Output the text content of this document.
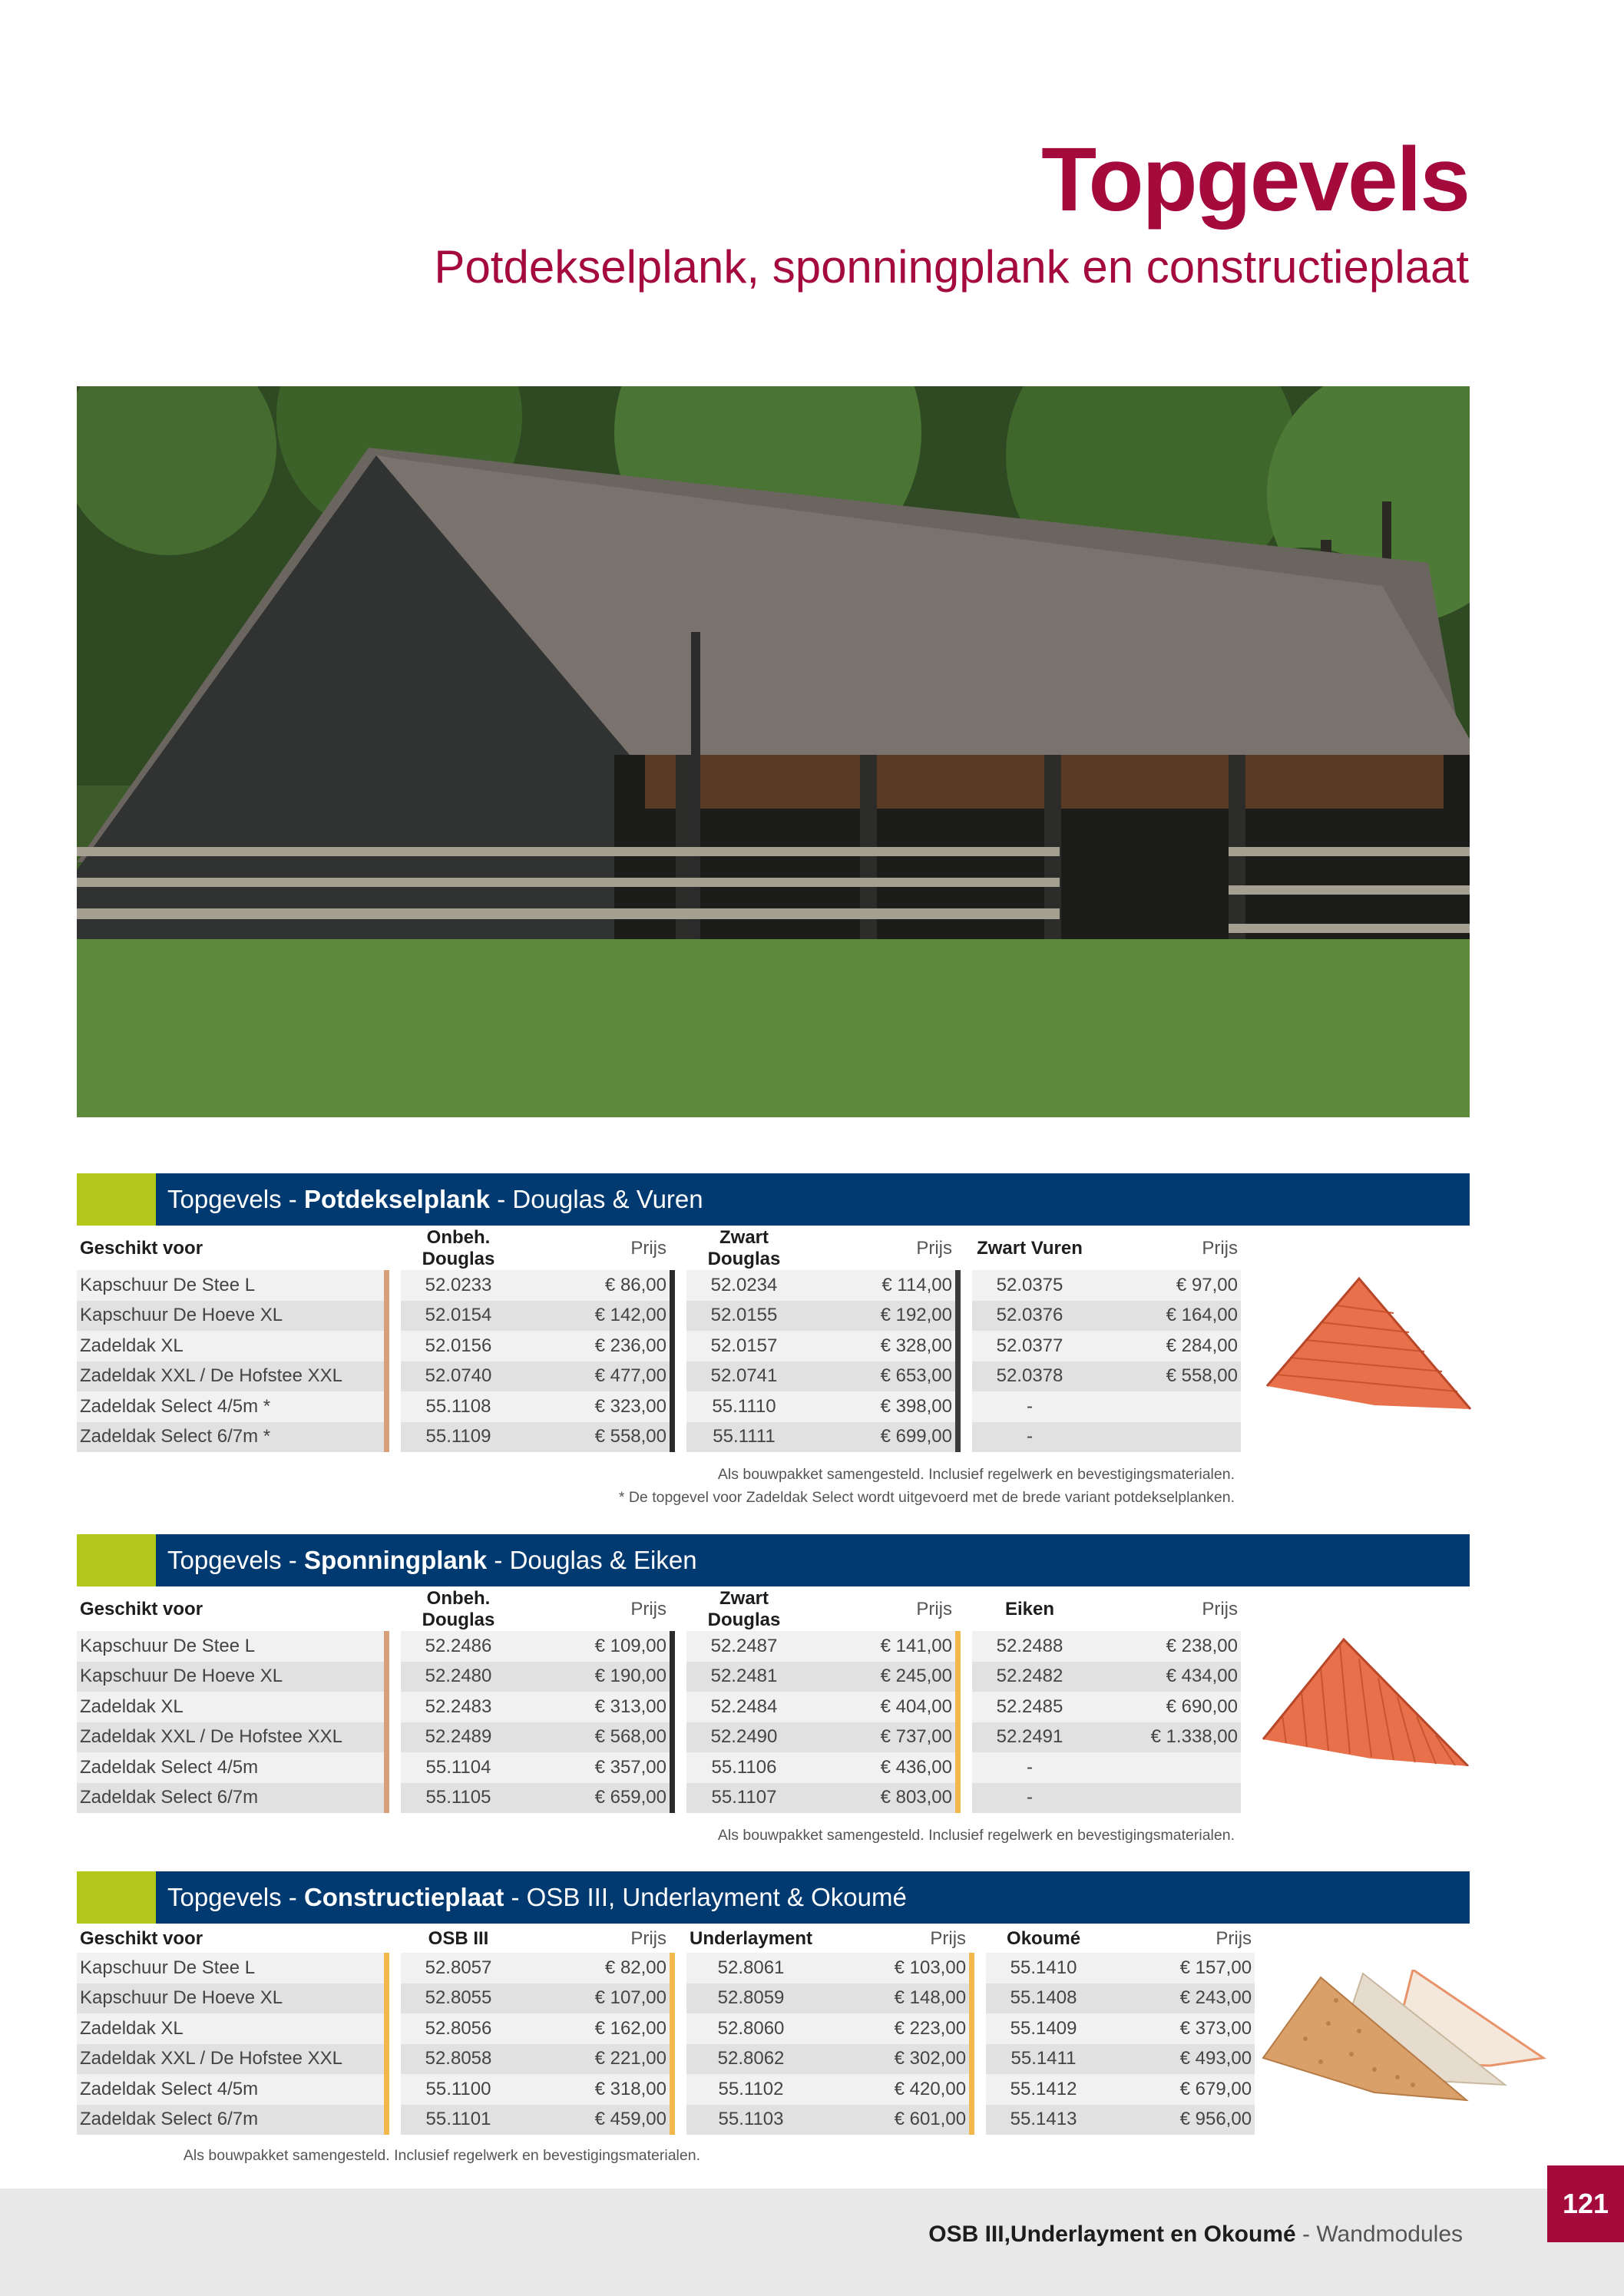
Topgevels
Potdekselplank, sponningplank en constructieplaat
Topgevels - Potdekselplank - Douglas & Vuren
Geschikt voor		Onbeh. Douglas	Prijs		Zwart Douglas	Prijs		Zwart Vuren	Prijs
Kapschuur De Stee L		52.0233	€ 86,00		52.0234	€ 114,00		52.0375	€ 97,00
Kapschuur De Hoeve XL		52.0154	€ 142,00		52.0155	€ 192,00		52.0376	€ 164,00
Zadeldak XL		52.0156	€ 236,00		52.0157	€ 328,00		52.0377	€ 284,00
Zadeldak XXL / De Hofstee XXL		52.0740	€ 477,00		52.0741	€ 653,00		52.0378	€ 558,00
Zadeldak Select 4/5m *		55.1108	€ 323,00		55.1110	€ 398,00		-	
Zadeldak Select 6/7m *		55.1109	€ 558,00		55.1111	€ 699,00		-	
Als bouwpakket samengesteld. Inclusief regelwerk en bevestigingsmaterialen.
* De topgevel voor Zadeldak Select wordt uitgevoerd met de brede variant potdekselplanken.
Topgevels - Sponningplank - Douglas & Eiken
Geschikt voor		Onbeh. Douglas	Prijs		Zwart Douglas	Prijs		Eiken	Prijs
Kapschuur De Stee L		52.2486	€ 109,00		52.2487	€ 141,00		52.2488	€ 238,00
Kapschuur De Hoeve XL		52.2480	€ 190,00		52.2481	€ 245,00		52.2482	€ 434,00
Zadeldak XL		52.2483	€ 313,00		52.2484	€ 404,00		52.2485	€ 690,00
Zadeldak XXL / De Hofstee XXL		52.2489	€ 568,00		52.2490	€ 737,00		52.2491	€ 1.338,00
Zadeldak Select 4/5m		55.1104	€ 357,00		55.1106	€ 436,00		-	
Zadeldak Select 6/7m		55.1105	€ 659,00		55.1107	€ 803,00		-	
Als bouwpakket samengesteld. Inclusief regelwerk en bevestigingsmaterialen.
Topgevels - Constructieplaat - OSB III, Underlayment & Okoumé
Geschikt voor		OSB III	Prijs		Underlayment	Prijs		Okoumé	Prijs
Kapschuur De Stee L		52.8057	€ 82,00		52.8061	€ 103,00		55.1410	€ 157,00
Kapschuur De Hoeve XL		52.8055	€ 107,00		52.8059	€ 148,00		55.1408	€ 243,00
Zadeldak XL		52.8056	€ 162,00		52.8060	€ 223,00		55.1409	€ 373,00
Zadeldak XXL / De Hofstee XXL		52.8058	€ 221,00		52.8062	€ 302,00		55.1411	€ 493,00
Zadeldak Select 4/5m		55.1100	€ 318,00		55.1102	€ 420,00		55.1412	€ 679,00
Zadeldak Select 6/7m		55.1101	€ 459,00		55.1103	€ 601,00		55.1413	€ 956,00
Als bouwpakket samengesteld. Inclusief regelwerk en bevestigingsmaterialen.
OSB III,Underlayment en Okoumé - Wandmodules
121
